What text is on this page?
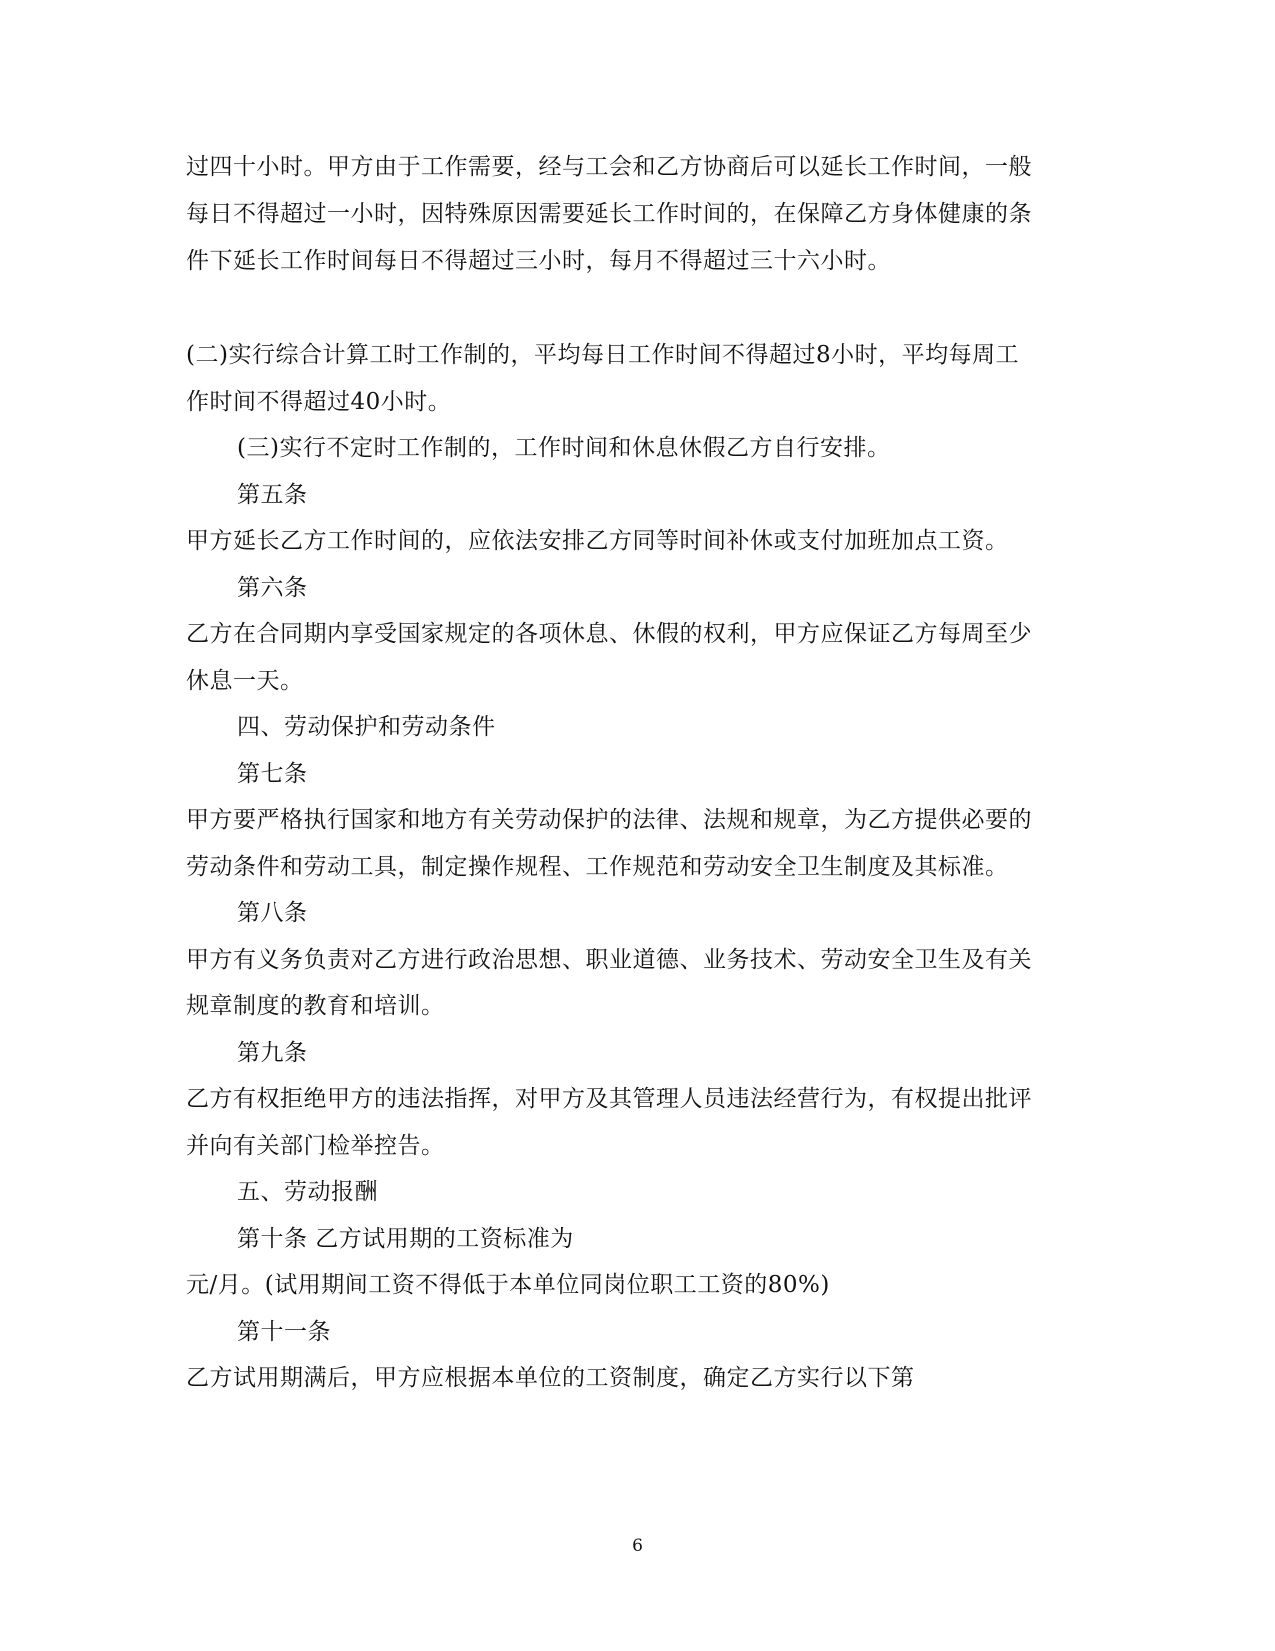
过四十小时。甲方由于工作需要，经与工会和乙方协商后可以延长工作时间，一般
每日不得超过一小时，因特殊原因需要延长工作时间的，在保障乙方身体健康的条
件下延长工作时间每日不得超过三小时，每月不得超过三十六小时。
(二)实行综合计算工时工作制的，平均每日工作时间不得超过8小时，平均每周工
作时间不得超过40小时。
(三)实行不定时工作制的，工作时间和休息休假乙方自行安排。
第五条
甲方延长乙方工作时间的，应依法安排乙方同等时间补休或支付加班加点工资。
第六条
乙方在合同期内享受国家规定的各项休息、休假的权利，甲方应保证乙方每周至少
休息一天。
四、劳动保护和劳动条件
第七条
甲方要严格执行国家和地方有关劳动保护的法律、法规和规章，为乙方提供必要的
劳动条件和劳动工具，制定操作规程、工作规范和劳动安全卫生制度及其标准。
第八条
甲方有义务负责对乙方进行政治思想、职业道德、业务技术、劳动安全卫生及有关
规章制度的教育和培训。
第九条
乙方有权拒绝甲方的违法指挥，对甲方及其管理人员违法经营行为，有权提出批评
并向有关部门检举控告。
五、劳动报酬
第十条 乙方试用期的工资标准为
元/月。(试用期间工资不得低于本单位同岗位职工工资的80%)
第十一条
乙方试用期满后，甲方应根据本单位的工资制度，确定乙方实行以下第
6
